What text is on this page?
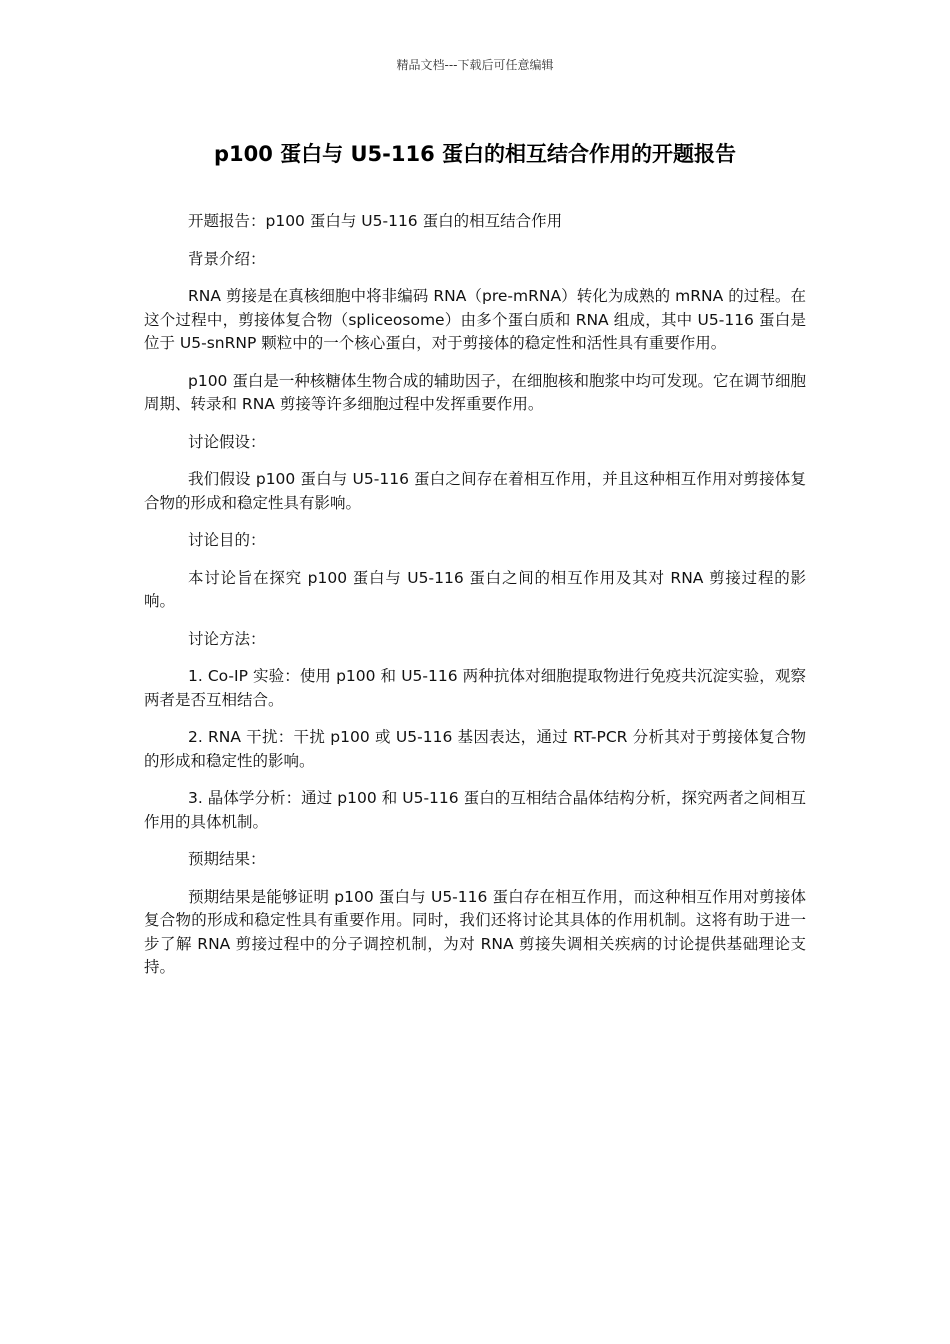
精品文档---下载后可任意编辑
p100 蛋白与 U5-116 蛋白的相互结合作用的开题报告

开题报告：p100 蛋白与 U5-116 蛋白的相互结合作用

背景介绍：

RNA 剪接是在真核细胞中将非编码 RNA（pre-mRNA）转化为成熟的 mRNA 的过程。在这个过程中，剪接体复合物（spliceosome）由多个蛋白质和 RNA 组成，其中 U5-116 蛋白是位于 U5-snRNP 颗粒中的一个核心蛋白，对于剪接体的稳定性和活性具有重要作用。

p100 蛋白是一种核糖体生物合成的辅助因子，在细胞核和胞浆中均可发现。它在调节细胞周期、转录和 RNA 剪接等许多细胞过程中发挥重要作用。

讨论假设：

我们假设 p100 蛋白与 U5-116 蛋白之间存在着相互作用，并且这种相互作用对剪接体复合物的形成和稳定性具有影响。

讨论目的：

本讨论旨在探究 p100 蛋白与 U5-116 蛋白之间的相互作用及其对 RNA 剪接过程的影响。

讨论方法：

1. Co-IP 实验：使用 p100 和 U5-116 两种抗体对细胞提取物进行免疫共沉淀实验，观察两者是否互相结合。

2. RNA 干扰：干扰 p100 或 U5-116 基因表达，通过 RT-PCR 分析其对于剪接体复合物的形成和稳定性的影响。

3. 晶体学分析：通过 p100 和 U5-116 蛋白的互相结合晶体结构分析，探究两者之间相互作用的具体机制。

预期结果：

预期结果是能够证明 p100 蛋白与 U5-116 蛋白存在相互作用，而这种相互作用对剪接体复合物的形成和稳定性具有重要作用。同时，我们还将讨论其具体的作用机制。这将有助于进一步了解 RNA 剪接过程中的分子调控机制，为对 RNA 剪接失调相关疾病的讨论提供基础理论支持。
